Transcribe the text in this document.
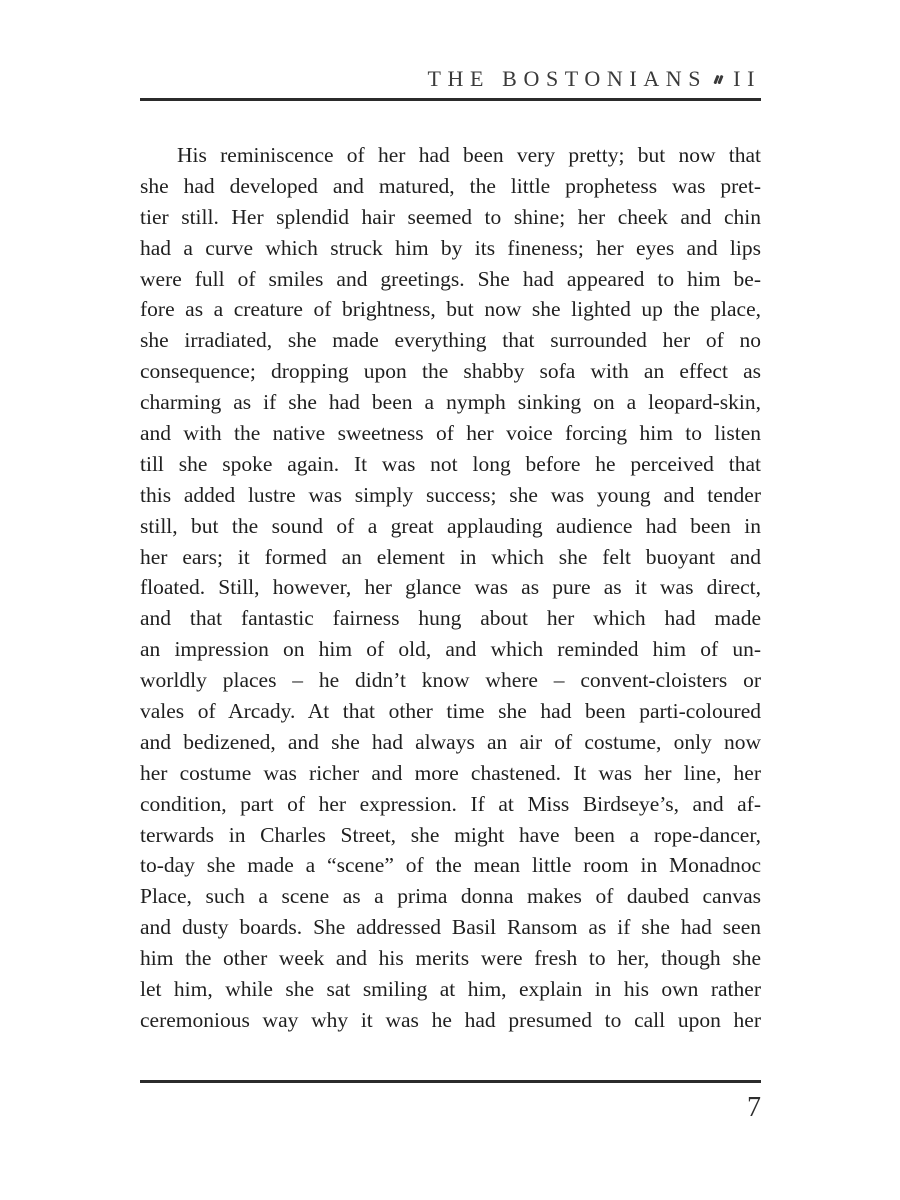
THE BOSTONIANS II
His reminiscence of her had been very pretty; but now that
she had developed and matured, the little prophetess was pret-
tier still. Her splendid hair seemed to shine; her cheek and chin
had a curve which struck him by its fineness; her eyes and lips
were full of smiles and greetings. She had appeared to him be-
fore as a creature of brightness, but now she lighted up the place,
she irradiated, she made everything that surrounded her of no
consequence; dropping upon the shabby sofa with an effect as
charming as if she had been a nymph sinking on a leopard-skin,
and with the native sweetness of her voice forcing him to listen
till she spoke again. It was not long before he perceived that
this added lustre was simply success; she was young and tender
still, but the sound of a great applauding audience had been in
her ears; it formed an element in which she felt buoyant and
floated. Still, however, her glance was as pure as it was direct,
and that fantastic fairness hung about her which had made
an impression on him of old, and which reminded him of un-
worldly places – he didn’t know where – convent-cloisters or
vales of Arcady. At that other time she had been parti-coloured
and bedizened, and she had always an air of costume, only now
her costume was richer and more chastened. It was her line, her
condition, part of her expression. If at Miss Birdseye’s, and af-
terwards in Charles Street, she might have been a rope-dancer,
to-day she made a “scene” of the mean little room in Monadnoc
Place, such a scene as a prima donna makes of daubed canvas
and dusty boards. She addressed Basil Ransom as if she had seen
him the other week and his merits were fresh to her, though she
let him, while she sat smiling at him, explain in his own rather
ceremonious way why it was he had presumed to call upon her
7
